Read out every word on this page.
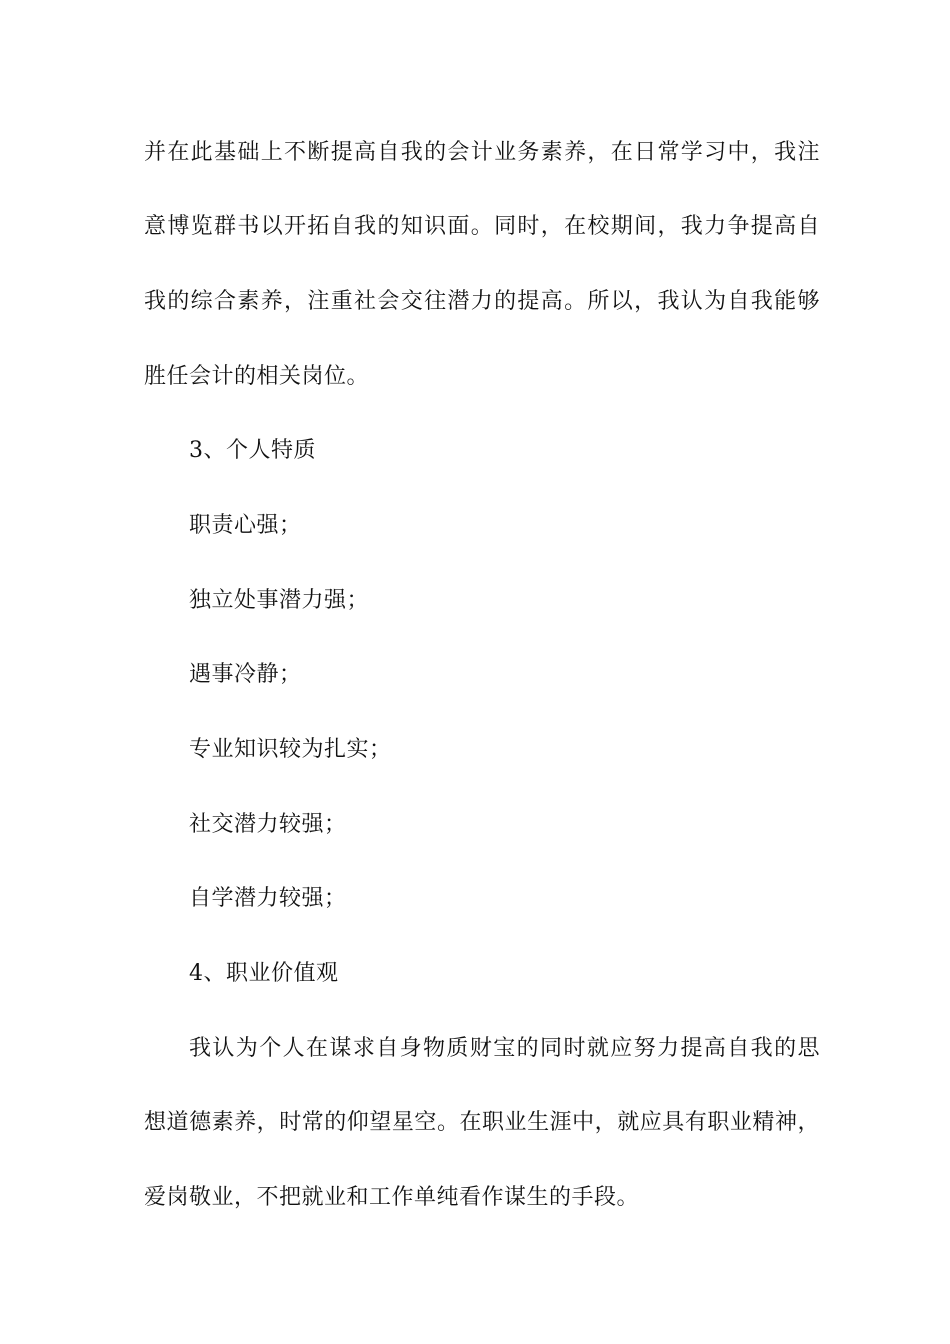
并在此基础上不断提高自我的会计业务素养，在日常学习中，我注
意博览群书以开拓自我的知识面。同时，在校期间，我力争提高自
我的综合素养，注重社会交往潜力的提高。所以，我认为自我能够
胜任会计的相关岗位。
3、个人特质
职责心强；
独立处事潜力强；
遇事冷静；
专业知识较为扎实；
社交潜力较强；
自学潜力较强；
4、职业价值观
我认为个人在谋求自身物质财宝的同时就应努力提高自我的思
想道德素养，时常的仰望星空。在职业生涯中，就应具有职业精神，
爱岗敬业，不把就业和工作单纯看作谋生的手段。
